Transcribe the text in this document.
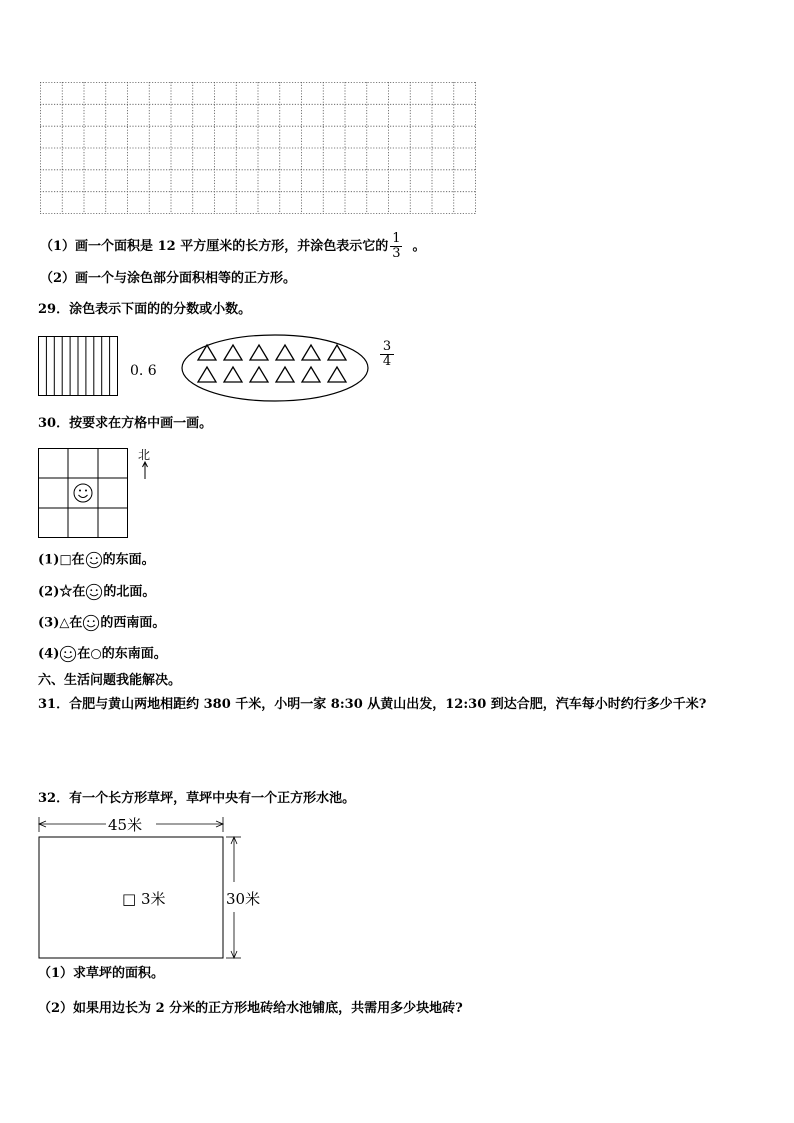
（1）画一个面积是 12 平方厘米的长方形，并涂色表示它的 $\frac{1}{3}$ 。
（2）画一个与涂色部分面积相等的正方形。
29．涂色表示下面的的分数或小数。
0. 6
$\frac{3}{4}$
30．按要求在方格中画一画。
北
(1)□在 的东面。
(2)☆在 的北面。
(3)△在 的西南面。
(4) 在○的东南面。
六、生活问题我能解决。
31．合肥与黄山两地相距约 380 千米，小明一家 8:30 从黄山出发，12:30 到达合肥，汽车每小时约行多少千米?
32．有一个长方形草坪，草坪中央有一个正方形水池。
45米
30米
□ 3米
（1）求草坪的面积。
（2）如果用边长为 2 分米的正方形地砖给水池铺底，共需用多少块地砖?
